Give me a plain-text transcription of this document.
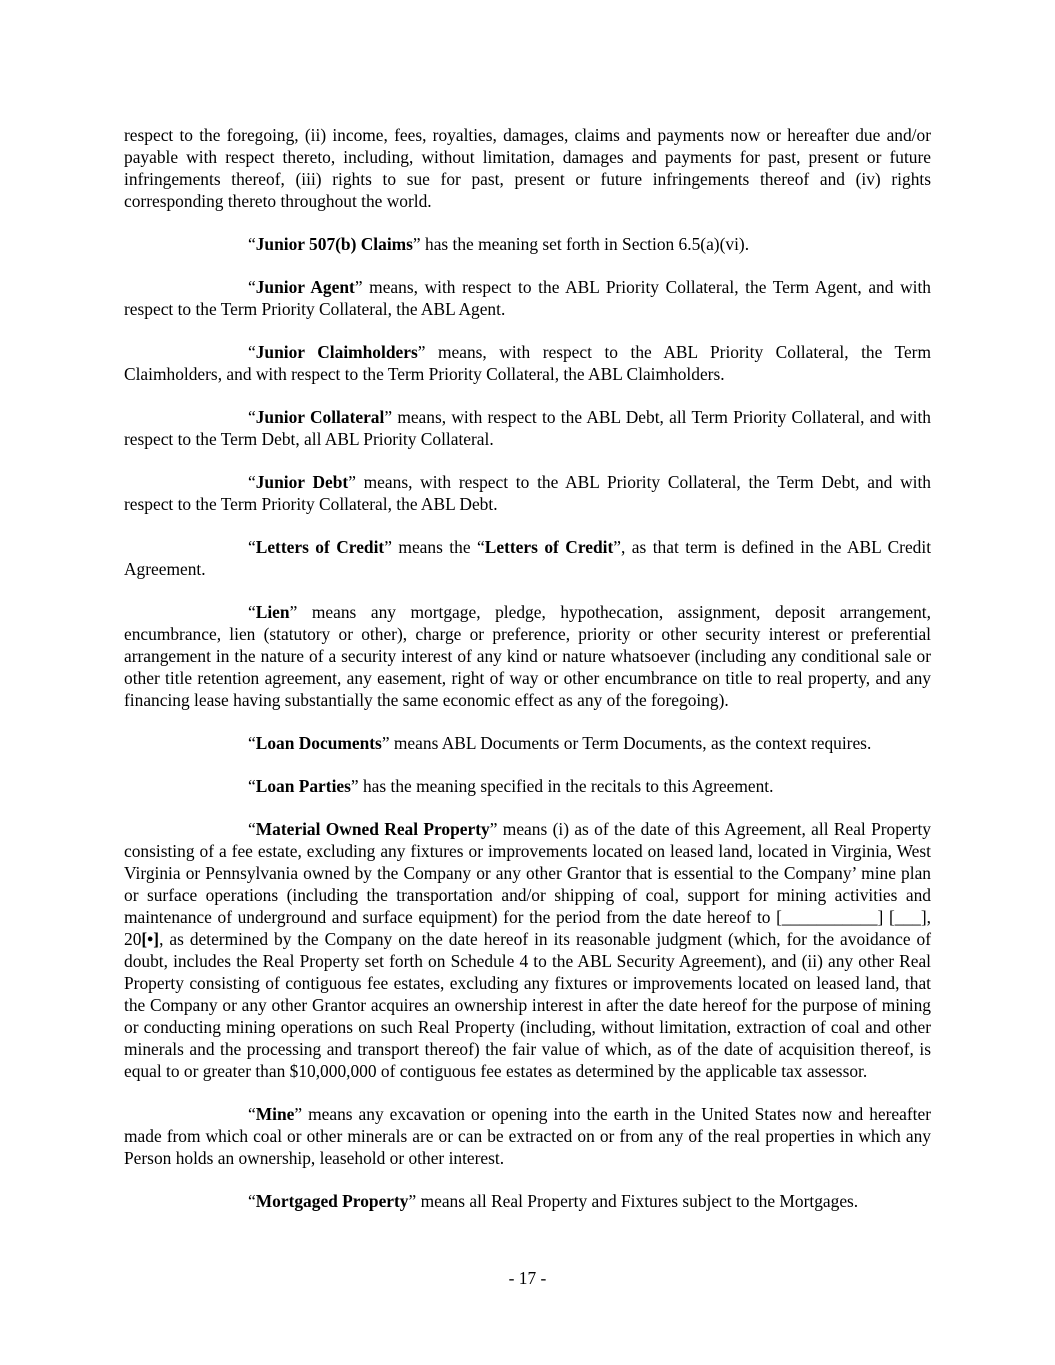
respect to the foregoing, (ii) income, fees, royalties, damages, claims and payments now or hereafter due and/or payable with respect thereto, including, without limitation, damages and payments for past, present or future infringements thereof, (iii) rights to sue for past, present or future infringements thereof and (iv) rights corresponding thereto throughout the world.

“Junior 507(b) Claims” has the meaning set forth in Section 6.5(a)(vi).

“Junior Agent” means, with respect to the ABL Priority Collateral, the Term Agent, and with respect to the Term Priority Collateral, the ABL Agent.

“Junior Claimholders” means, with respect to the ABL Priority Collateral, the Term Claimholders, and with respect to the Term Priority Collateral, the ABL Claimholders.

“Junior Collateral” means, with respect to the ABL Debt, all Term Priority Collateral, and with respect to the Term Debt, all ABL Priority Collateral.

“Junior Debt” means, with respect to the ABL Priority Collateral, the Term Debt, and with respect to the Term Priority Collateral, the ABL Debt.

“Letters of Credit” means the “Letters of Credit”, as that term is defined in the ABL Credit Agreement.

“Lien” means any mortgage, pledge, hypothecation, assignment, deposit arrangement, encumbrance, lien (statutory or other), charge or preference, priority or other security interest or preferential arrangement in the nature of a security interest of any kind or nature whatsoever (including any conditional sale or other title retention agreement, any easement, right of way or other encumbrance on title to real property, and any financing lease having substantially the same economic effect as any of the foregoing).

“Loan Documents” means ABL Documents or Term Documents, as the context requires.

“Loan Parties” has the meaning specified in the recitals to this Agreement.

“Material Owned Real Property” means (i) as of the date of this Agreement, all Real Property consisting of a fee estate, excluding any fixtures or improvements located on leased land, located in Virginia, West Virginia or Pennsylvania owned by the Company or any other Grantor that is essential to the Company’ mine plan or surface operations (including the transportation and/or shipping of coal, support for mining activities and maintenance of underground and surface equipment) for the period from the date hereof to [___________] [___], 20[•], as determined by the Company on the date hereof in its reasonable judgment (which, for the avoidance of doubt, includes the Real Property set forth on Schedule 4 to the ABL Security Agreement), and (ii) any other Real Property consisting of contiguous fee estates, excluding any fixtures or improvements located on leased land, that the Company or any other Grantor acquires an ownership interest in after the date hereof for the purpose of mining or conducting mining operations on such Real Property (including, without limitation, extraction of coal and other minerals and the processing and transport thereof) the fair value of which, as of the date of acquisition thereof, is equal to or greater than $10,000,000 of contiguous fee estates as determined by the applicable tax assessor.

“Mine” means any excavation or opening into the earth in the United States now and hereafter made from which coal or other minerals are or can be extracted on or from any of the real properties in which any Person holds an ownership, leasehold or other interest.

“Mortgaged Property” means all Real Property and Fixtures subject to the Mortgages.

- 17 -
